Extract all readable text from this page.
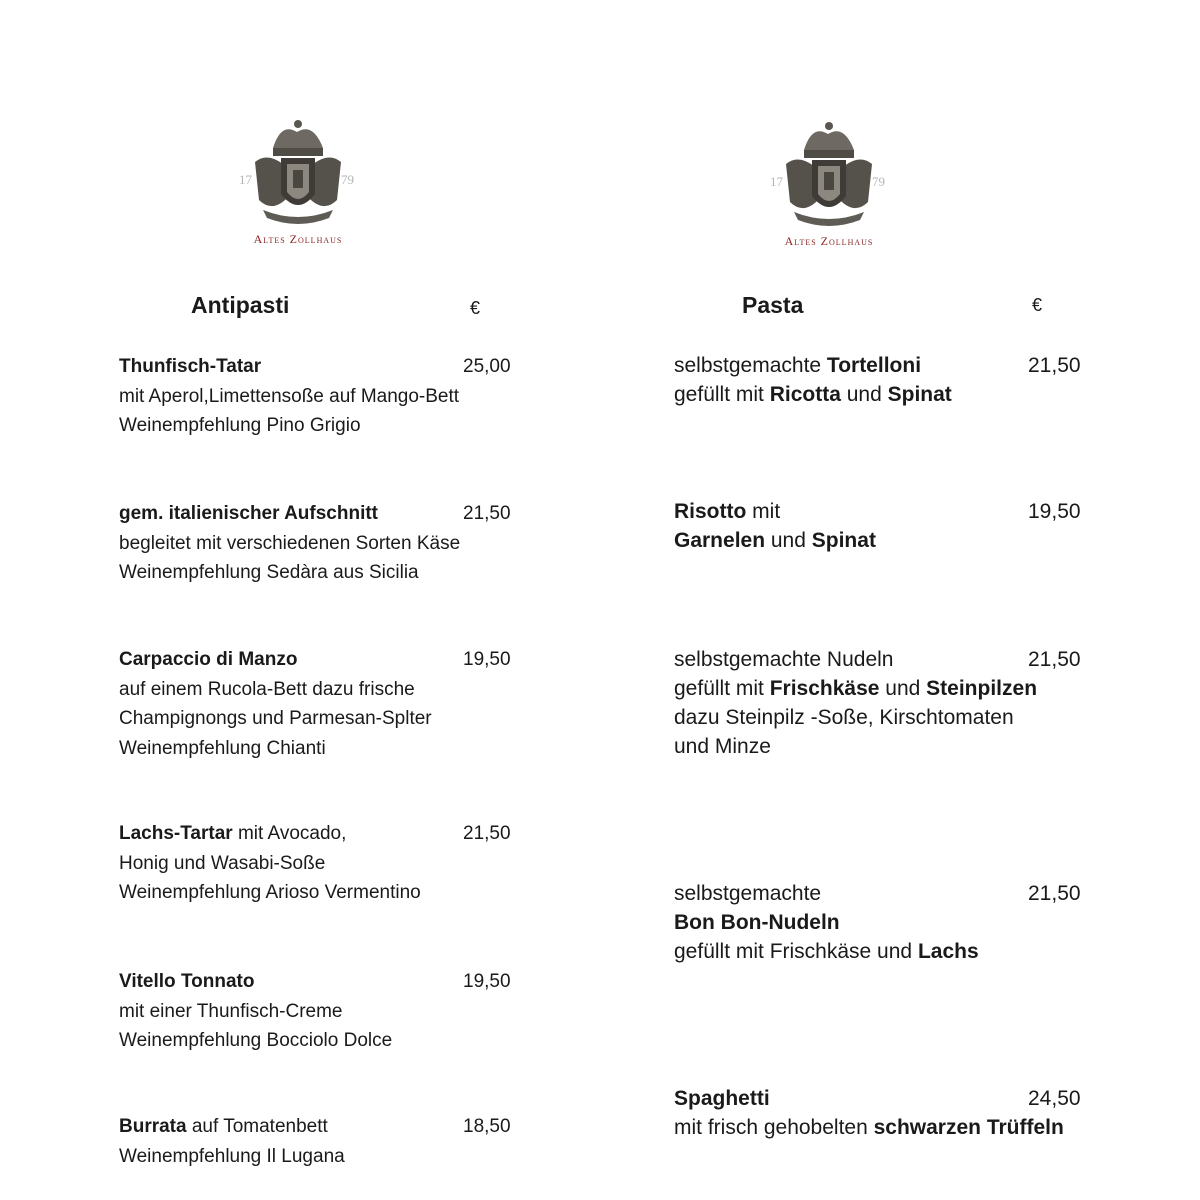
17	79
Altes Zollhaus
17	79
Altes Zollhaus
Antipasti	€	Pasta	€
Thunfisch-Tatar
mit Aperol,Limettensoße auf Mango-Bett
Weinempfehlung Pino Grigio
25,00
gem. italienischer Aufschnitt
begleitet mit verschiedenen Sorten Käse
Weinempfehlung Sedàra aus Sicilia
21,50
Carpaccio di Manzo
auf einem Rucola-Bett dazu frische
Champignongs und Parmesan-Splter
Weinempfehlung Chianti
19,50
Lachs-Tartar mit Avocado,
Honig und Wasabi-Soße
Weinempfehlung Arioso Vermentino
21,50
Vitello Tonnato
mit einer Thunfisch-Creme
Weinempfehlung Bocciolo Dolce
19,50
Burrata auf Tomatenbett
Weinempfehlung Il Lugana
18,50
selbstgemachte Tortelloni
gefüllt mit Ricotta und Spinat
21,50
Risotto mit
Garnelen und Spinat
19,50
selbstgemachte Nudeln
gefüllt mit Frischkäse und Steinpilzen
dazu Steinpilz -Soße, Kirschtomaten
und Minze
21,50
selbstgemachte
Bon Bon-Nudeln
gefüllt mit Frischkäse und Lachs
21,50
Spaghetti
mit frisch gehobelten schwarzen Trüffeln
24,50
